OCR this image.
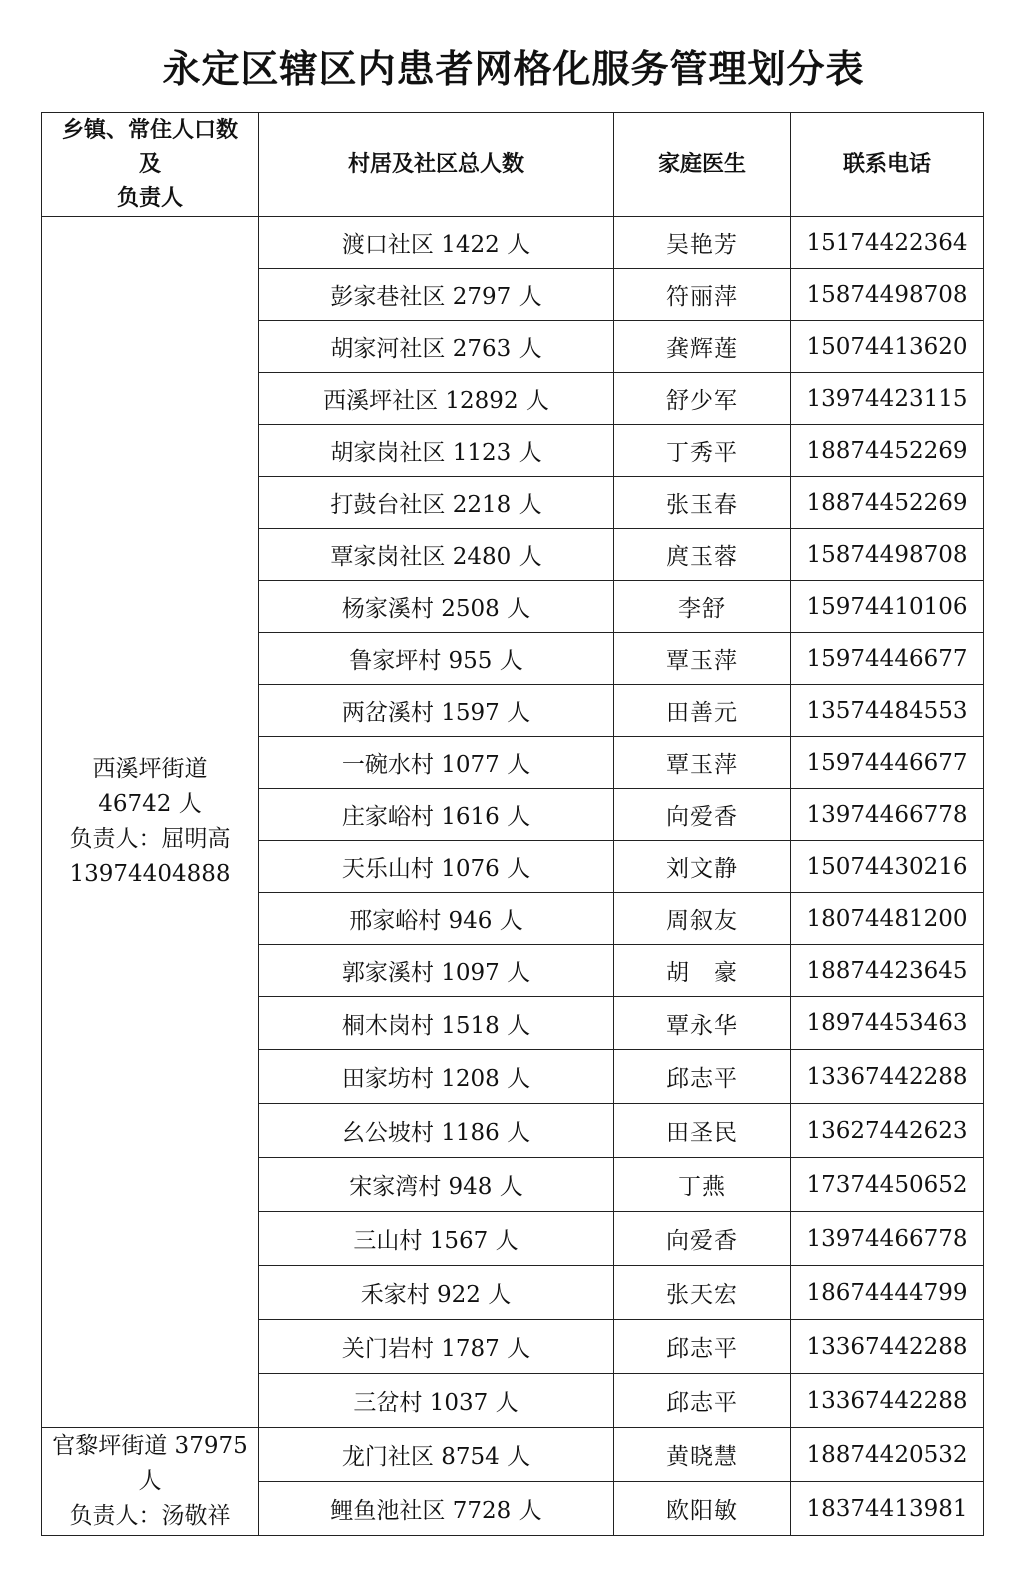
永定区辖区内患者网格化服务管理划分表
乡镇、常住人口数
及
负责人	村居及社区总人数	家庭医生	联系电话

西溪坪街道
46742 人
负责人：屈明高
13974404888	渡口社区 1422 人	吴艳芳	15174422364
	彭家巷社区 2797 人	符丽萍	15874498708
	胡家河社区 2763 人	龚辉莲	15074413620
	西溪坪社区 12892 人	舒少军	13974423115
	胡家岗社区 1123 人	丁秀平	18874452269
	打鼓台社区 2218 人	张玉春	18874452269
	覃家岗社区 2480 人	庹玉蓉	15874498708
	杨家溪村 2508 人	李舒	15974410106
	鲁家坪村 955 人	覃玉萍	15974446677
	两岔溪村 1597 人	田善元	13574484553
	一碗水村 1077 人	覃玉萍	15974446677
	庄家峪村 1616 人	向爱香	13974466778
	天乐山村 1076 人	刘文静	15074430216
	邢家峪村 946 人	周叙友	18074481200
	郭家溪村 1097 人	胡　豪	18874423645
	桐木岗村 1518 人	覃永华	18974453463
	田家坊村 1208 人	邱志平	13367442288
	幺公坡村 1186 人	田圣民	13627442623
	宋家湾村 948 人	丁燕	17374450652
	三山村 1567 人	向爱香	13974466778
	禾家村 922 人	张天宏	18674444799
	关门岩村 1787 人	邱志平	13367442288
	三岔村 1037 人	邱志平	13367442288

官黎坪街道 37975
人
负责人：汤敬祥	龙门社区 8754 人	黄晓慧	18874420532
	鲤鱼池社区 7728 人	欧阳敏	18374413981
